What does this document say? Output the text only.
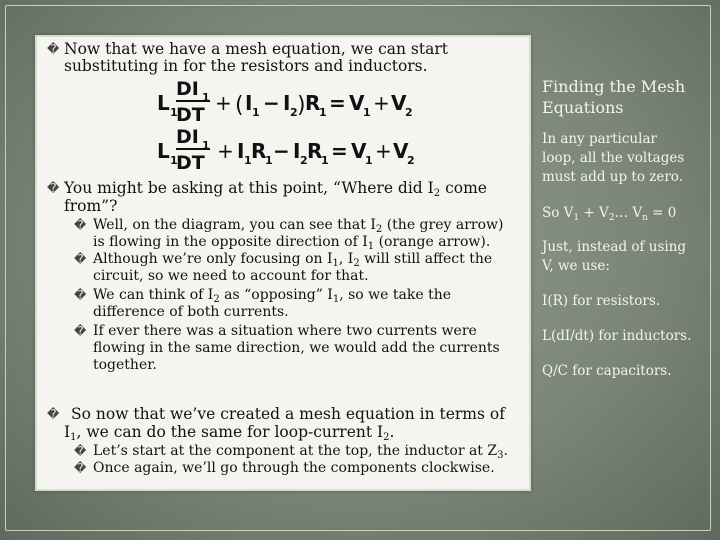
� Now that we have a mesh equation, we can start
substituting in for the resistors and inductors.
L 1
DI 1
DT + ( I 1 − I 2 ) R
1 = V
1 + V
2
L 1
DI 1
DT + I 1 R
1 − I 2 R
1 = V
1 + V
2
� You might be asking at this point, “Where did $I_2$ come
from”?
� Well, on the diagram, you can see that $I_2$ (the grey arrow)
is flowing in the opposite direction of $I_1$ (orange arrow).
� Although we’re only focusing on $I_1$, $I_2$ will still affect the
circuit, so we need to account for that.
� We can think of $I_2$ as “opposing” $I_1$, so we take the
difference of both currents.
� If ever there was a situation where two currents were
flowing in the same direction, we would add the currents
together.
� So now that we’ve created a mesh equation in terms of
$I_1$, we can do the same for loop-current $I_2$.
� Let’s start at the component at the top, the inductor at $Z_3$.
� Once again, we’ll go through the components clockwise.
Finding the Mesh
Equations
In any particular
loop, all the voltages
must add up to zero.
So $V_1$ + $V_2\dots$ $V_n = 0$
Just, instead of using
V, we use:
I(R) for resistors.
L(dI/dt) for inductors.
Q/C for capacitors.
